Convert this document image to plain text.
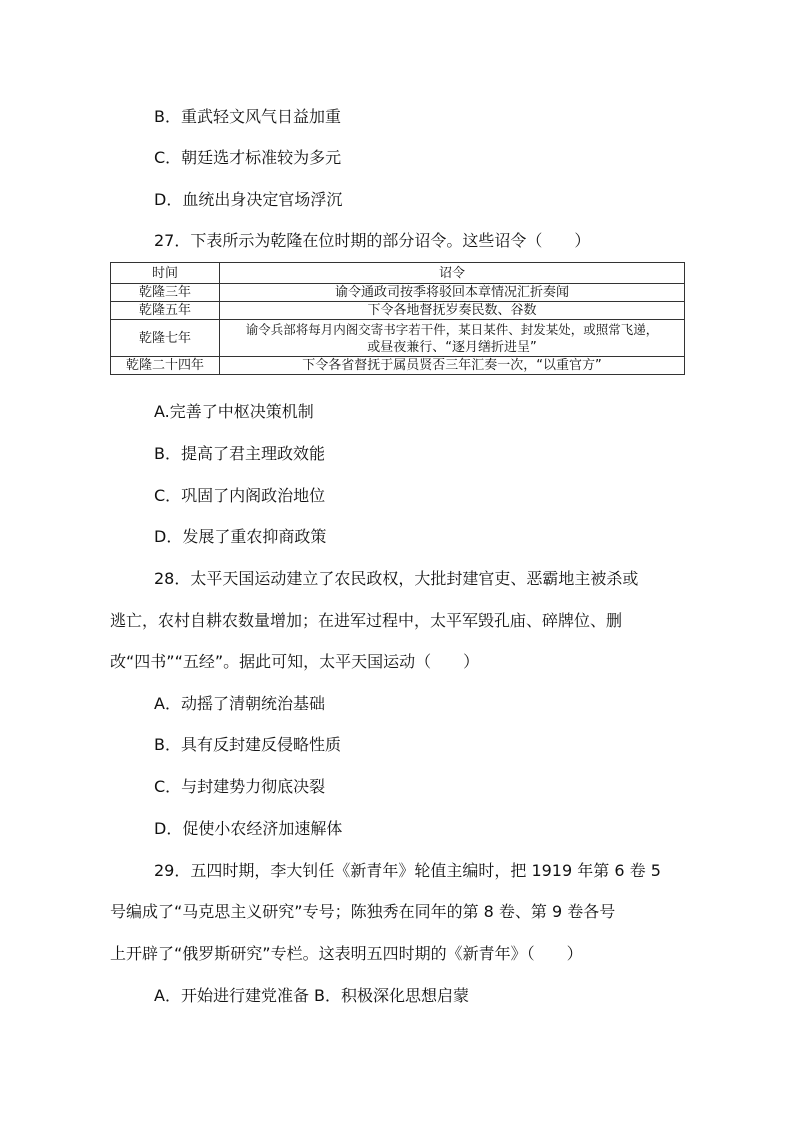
B．重武轻文风气日益加重
C．朝廷选才标准较为多元
D．血统出身决定官场浮沉
27．下表所示为乾隆在位时期的部分诏令。这些诏令（　　）
时间	诏令
乾隆三年	谕令通政司按季将驳回本章情况汇折奏闻
乾隆五年	下令各地督抚岁奏民数、谷数
乾隆七年	谕令兵部将每月内阁交寄书字若干件，某日某件、封发某处，或照常飞递，
或昼夜兼行、“逐月缮折进呈”
乾隆二十四年	下令各省督抚于属员贤否三年汇奏一次，“以重官方”
A.完善了中枢决策机制
B．提高了君主理政效能
C．巩固了内阁政治地位
D．发展了重农抑商政策
28．太平天国运动建立了农民政权，大批封建官吏、恶霸地主被杀或
逃亡，农村自耕农数量增加；在进军过程中，太平军毁孔庙、碎牌位、删
改“四书”“五经”。据此可知，太平天国运动（　　）
A．动摇了清朝统治基础
B．具有反封建反侵略性质
C．与封建势力彻底决裂
D．促使小农经济加速解体
29．五四时期，李大钊任《新青年》轮值主编时，把 1919 年第 6 卷 5
号编成了“马克思主义研究”专号；陈独秀在同年的第 8 卷、第 9 卷各号
上开辟了“俄罗斯研究”专栏。这表明五四时期的《新青年》（　　）
A．开始进行建党准备 B．积极深化思想启蒙
